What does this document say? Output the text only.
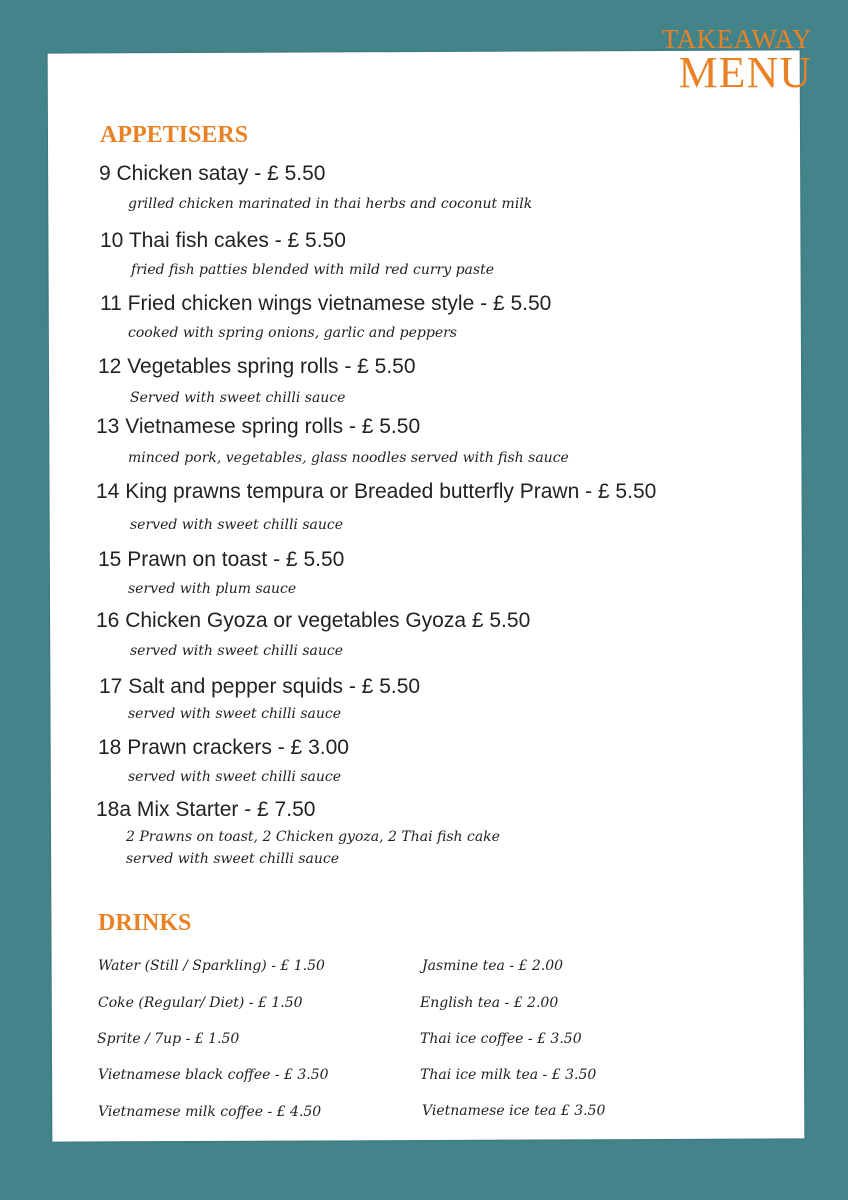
TAKEAWAY
MENU
APPETISERS
9 Chicken satay - £ 5.50
grilled chicken marinated in thai herbs and coconut milk
10 Thai fish cakes - £ 5.50
fried fish patties blended with mild red curry paste
11 Fried chicken wings vietnamese style - £ 5.50
cooked with spring onions, garlic and peppers
12 Vegetables spring rolls - £ 5.50
Served with sweet chilli sauce
13 Vietnamese spring rolls - £ 5.50
minced pork, vegetables, glass noodles served with fish sauce
14 King prawns tempura or Breaded butterfly Prawn - £ 5.50
served with sweet chilli sauce
15 Prawn on toast - £ 5.50
served with plum sauce
16 Chicken Gyoza or vegetables Gyoza £ 5.50
served with sweet chilli sauce
17 Salt and pepper squids - £ 5.50
served with sweet chilli sauce
18 Prawn crackers - £ 3.00
served with sweet chilli sauce
18a Mix Starter - £ 7.50
2 Prawns on toast, 2 Chicken gyoza, 2 Thai fish cake
served with sweet chilli sauce
DRINKS
Water (Still / Sparkling) - £ 1.50
Coke (Regular/ Diet) - £ 1.50
Sprite / 7up - £ 1.50
Vietnamese black coffee - £ 3.50
Vietnamese milk coffee - £ 4.50
Jasmine tea - £ 2.00
English tea - £ 2.00
Thai ice coffee - £ 3.50
Thai ice milk tea - £ 3.50
Vietnamese ice tea £ 3.50
